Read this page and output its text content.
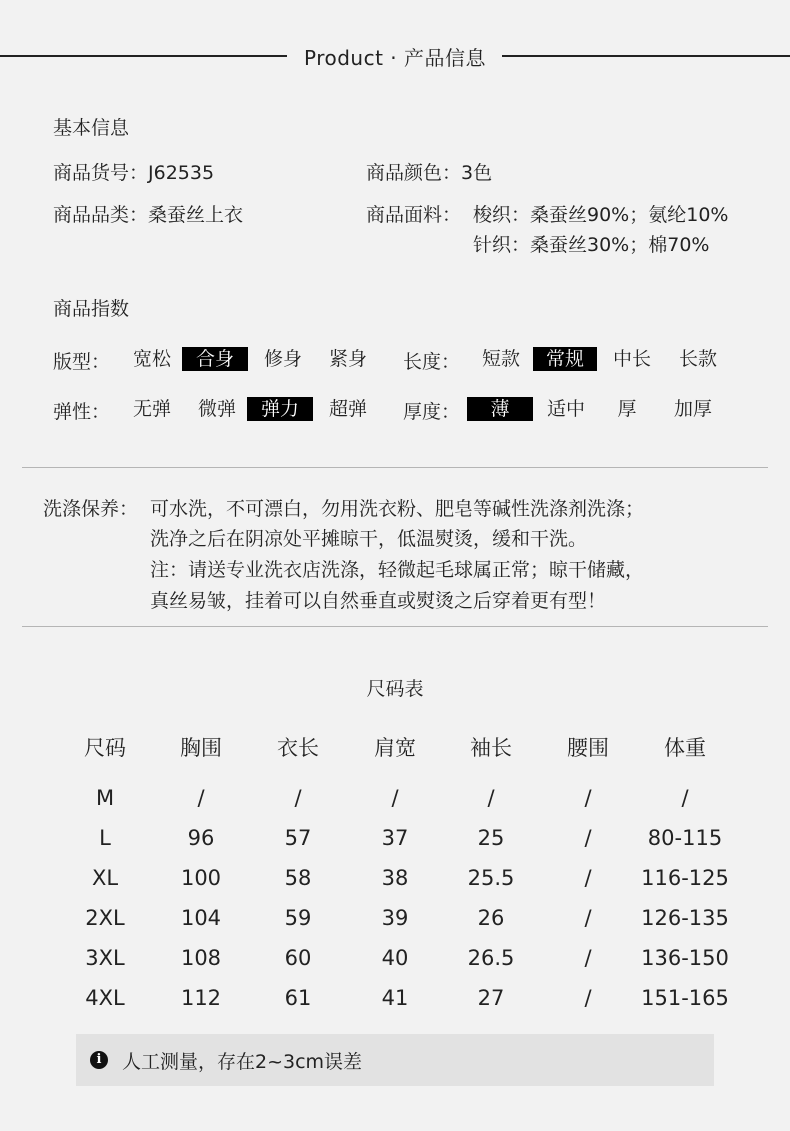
Product · 产品信息
基本信息
商品货号：J62535	商品颜色：3色
商品品类：桑蚕丝上衣	商品面料： 梭织：桑蚕丝90%；氨纶10%
针织：桑蚕丝30%；棉70%
商品指数
版型：	宽松	合身	修身	紧身	长度：	短款	常规	中长	长款
弹性：	无弹	微弹	弹力	超弹	厚度：	薄	适中	厚	加厚
洗涤保养： 可水洗，不可漂白，勿用洗衣粉、肥皂等碱性洗涤剂洗涤；
洗净之后在阴凉处平摊晾干，低温熨烫，缓和干洗。
注：请送专业洗衣店洗涤，轻微起毛球属正常；晾干储藏，
真丝易皱，挂着可以自然垂直或熨烫之后穿着更有型！
尺码表
尺码	胸围	衣长	肩宽	袖长	腰围	体重
M	/	/	/	/	/	/
L	96	57	37	25	/	80-115
XL	100	58	38	25.5	/	116-125
2XL	104	59	39	26	/	126-135
3XL	108	60	40	26.5	/	136-150
4XL	112	61	41	27	/	151-165
i	人工测量，存在2~3cm误差
